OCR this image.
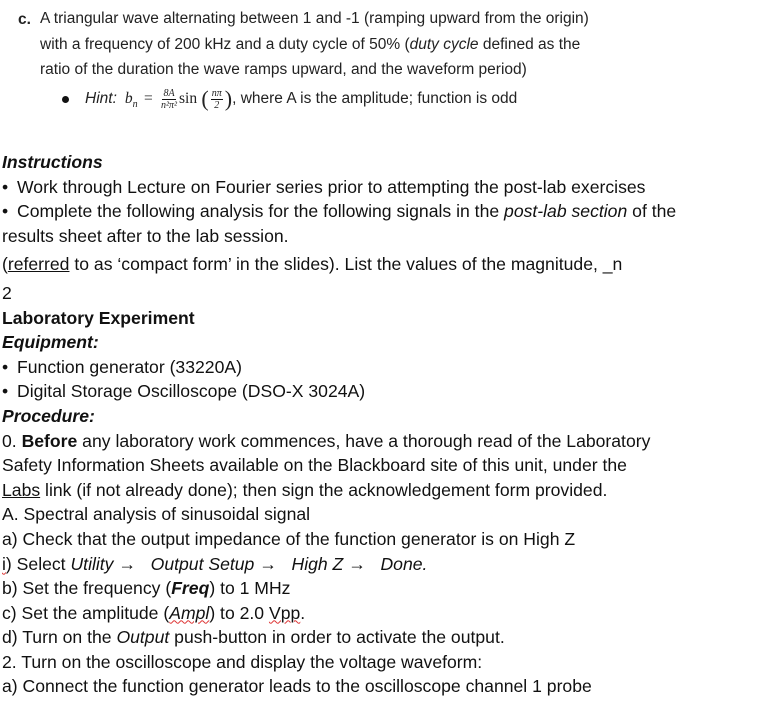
c. A triangular wave alternating between 1 and -1 (ramping upward from the origin)
with a frequency of 200 kHz and a duty cycle of 50% (duty cycle defined as the
ratio of the duration the wave ramps upward, and the waveform period)
Hint: $b_n = \frac{8A}{\text{n²π²}}$ sin ( $\frac{n\pi}{2}$ ), where A is the amplitude; function is odd
Instructions
• Work through Lecture on Fourier series prior to attempting the post-lab exercises
• Complete the following analysis for the following signals in the post-lab section of the
results sheet after to the lab session.
(referred to as ‘compact form’ in the slides). List the values of the magnitude, _n
2
Laboratory Experiment
Equipment:
• Function generator (33220A)
• Digital Storage Oscilloscope (DSO-X 3024A)
Procedure:
0. Before any laboratory work commences, have a thorough read of the Laboratory
Safety Information Sheets available on the Blackboard site of this unit, under the
Labs link (if not already done); then sign the acknowledgement form provided.
A. Spectral analysis of sinusoidal signal
a) Check that the output impedance of the function generator is on High Z
i) Select Utility → Output Setup → High Z → Done.
b) Set the frequency (Freq) to 1 MHz
c) Set the amplitude (Ampl) to 2.0 Vpp.
d) Turn on the Output push-button in order to activate the output.
2. Turn on the oscilloscope and display the voltage waveform:
a) Connect the function generator leads to the oscilloscope channel 1 probe
